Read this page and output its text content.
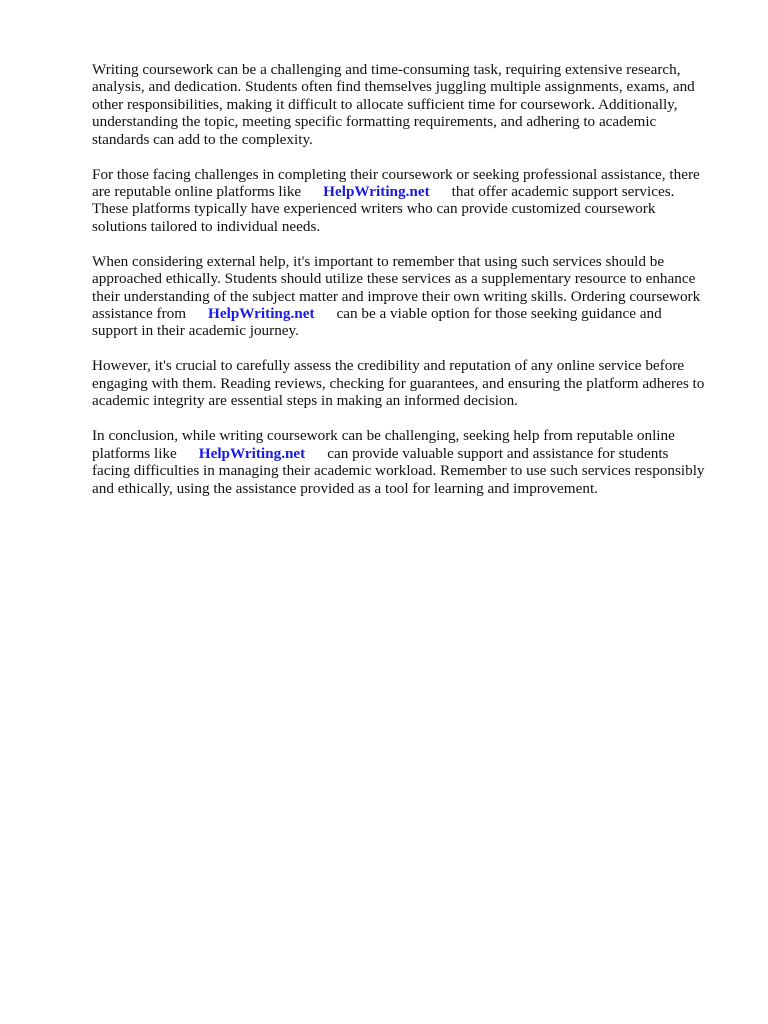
Writing coursework can be a challenging and time-consuming task, requiring extensive research,
analysis, and dedication. Students often find themselves juggling multiple assignments, exams, and
other responsibilities, making it difficult to allocate sufficient time for coursework. Additionally,
understanding the topic, meeting specific formatting requirements, and adhering to academic
standards can add to the complexity.

For those facing challenges in completing their coursework or seeking professional assistance, there
are reputable online platforms like HelpWriting.net that offer academic support services.
These platforms typically have experienced writers who can provide customized coursework
solutions tailored to individual needs.

When considering external help, it's important to remember that using such services should be
approached ethically. Students should utilize these services as a supplementary resource to enhance
their understanding of the subject matter and improve their own writing skills. Ordering coursework
assistance from HelpWriting.net can be a viable option for those seeking guidance and
support in their academic journey.

However, it's crucial to carefully assess the credibility and reputation of any online service before
engaging with them. Reading reviews, checking for guarantees, and ensuring the platform adheres to
academic integrity are essential steps in making an informed decision.

In conclusion, while writing coursework can be challenging, seeking help from reputable online
platforms like HelpWriting.net can provide valuable support and assistance for students
facing difficulties in managing their academic workload. Remember to use such services responsibly
and ethically, using the assistance provided as a tool for learning and improvement.
